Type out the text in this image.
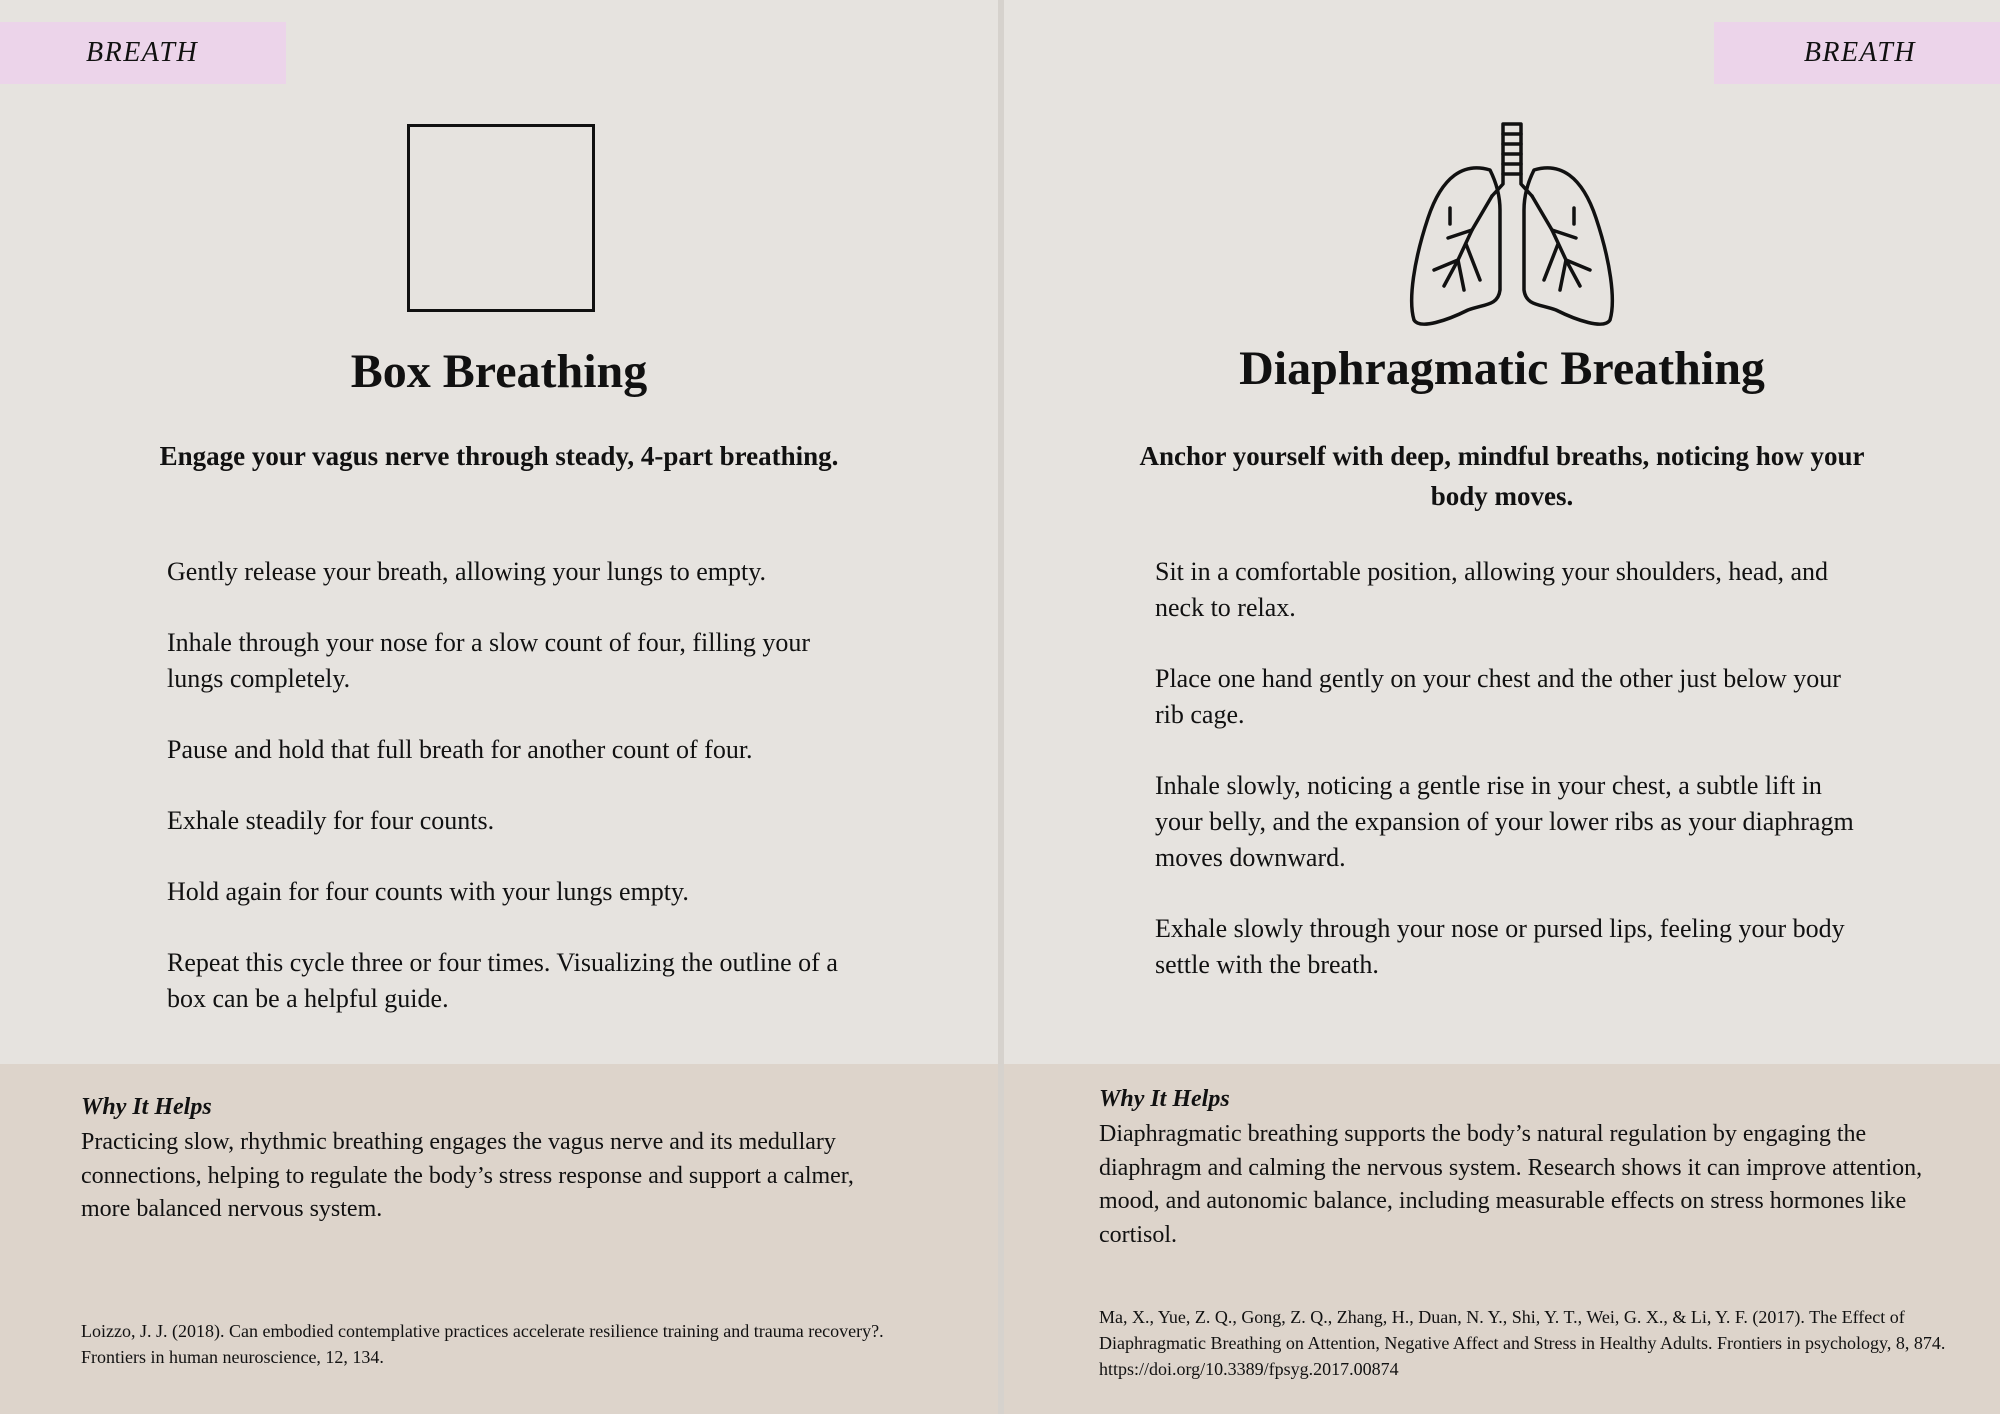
BREATH
Box Breathing

Engage your vagus nerve through steady, 4-part breathing.

Gently release your breath, allowing your lungs to empty.
Inhale through your nose for a slow count of four, filling your lungs completely.
Pause and hold that full breath for another count of four.
Exhale steadily for four counts.
Hold again for four counts with your lungs empty.
Repeat this cycle three or four times. Visualizing the outline of a box can be a helpful guide.

Why It Helps

Practicing slow, rhythmic breathing engages the vagus nerve and its medullary connections, helping to regulate the body’s stress response and support a calmer, more balanced nervous system.

Loizzo, J. J. (2018). Can embodied contemplative practices accelerate resilience training and trauma recovery?. Frontiers in human neuroscience, 12, 134.

BREATH
Diaphragmatic Breathing

Anchor yourself with deep, mindful breaths, noticing how your body moves.

Sit in a comfortable position, allowing your shoulders, head, and neck to relax.
Place one hand gently on your chest and the other just below your rib cage.
Inhale slowly, noticing a gentle rise in your chest, a subtle lift in your belly, and the expansion of your lower ribs as your diaphragm moves downward.
Exhale slowly through your nose or pursed lips, feeling your body settle with the breath.

Why It Helps

Diaphragmatic breathing supports the body’s natural regulation by engaging the diaphragm and calming the nervous system. Research shows it can improve attention, mood, and autonomic balance, including measurable effects on stress hormones like cortisol.

Ma, X., Yue, Z. Q., Gong, Z. Q., Zhang, H., Duan, N. Y., Shi, Y. T., Wei, G. X., & Li, Y. F. (2017). The Effect of Diaphragmatic Breathing on Attention, Negative Affect and Stress in Healthy Adults. Frontiers in psychology, 8, 874. https://doi.org/10.3389/fpsyg.2017.00874
